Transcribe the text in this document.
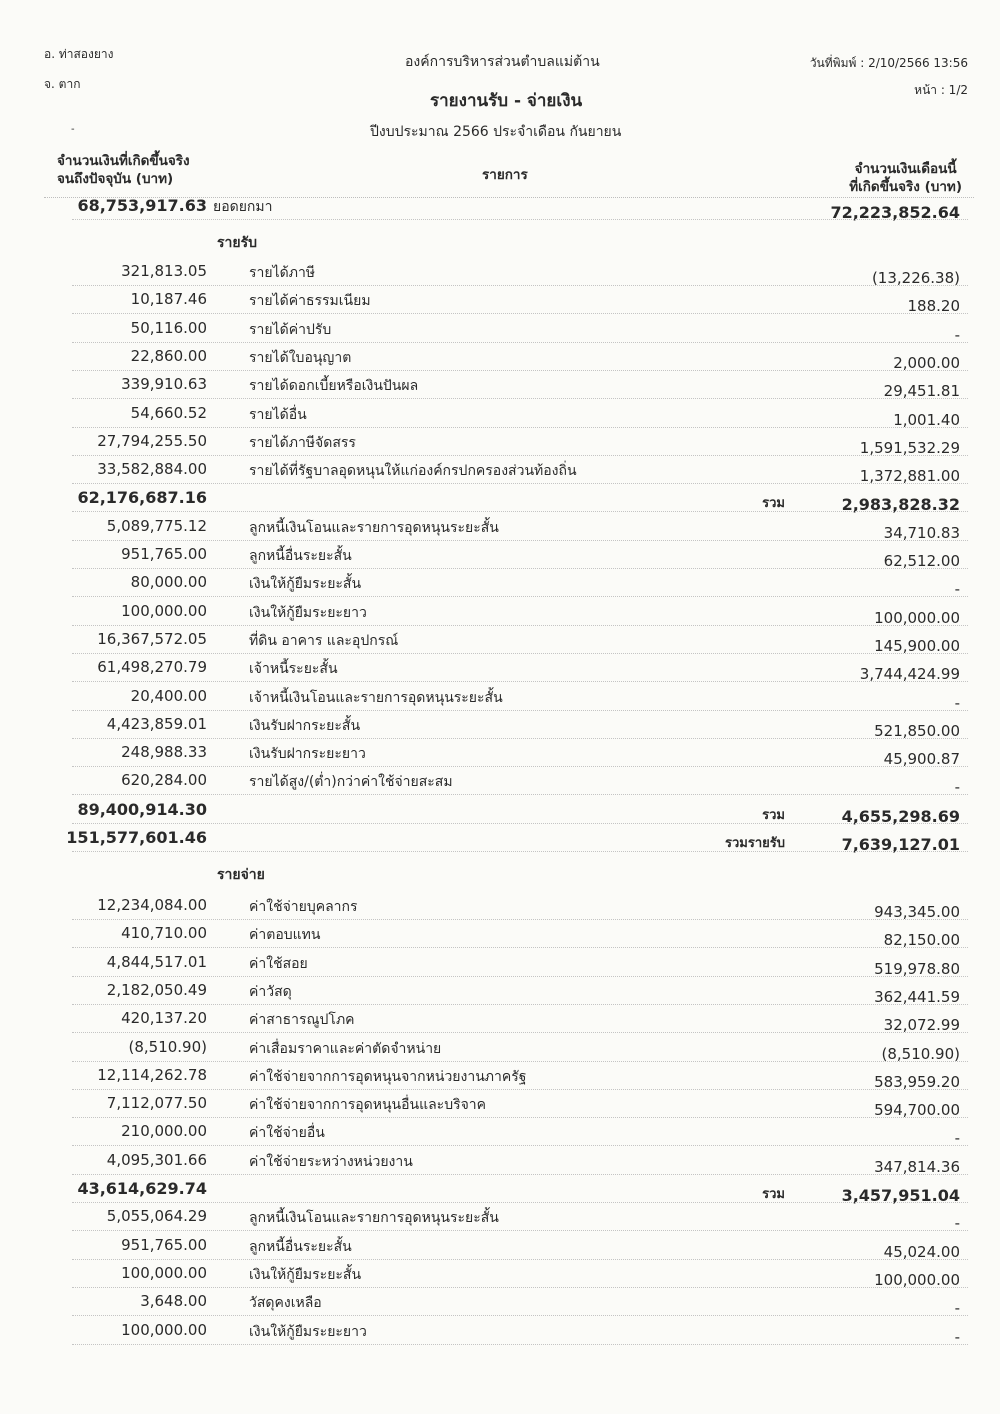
อ. ท่าสองยาง
จ. ตาก
องค์การบริหารส่วนตำบลแม่ต้าน
รายงานรับ - จ่ายเงิน
ปีงบประมาณ 2566 ประจำเดือน กันยายน
วันที่พิมพ์ : 2/10/2566 13:56
หน้า : 1/2
-
จำนวนเงินที่เกิดขึ้นจริง
จนถึงปัจจุบัน (บาท)	รายการ	จำนวนเงินเดือนนี้
ที่เกิดขึ้นจริง (บาท)
68,753,917.63 ยอดยกมา	72,223,852.64
รายรับ
321,813.05	รายได้ภาษี	(13,226.38)
10,187.46	รายได้ค่าธรรมเนียม	188.20
50,116.00	รายได้ค่าปรับ	-
22,860.00	รายได้ใบอนุญาต	2,000.00
339,910.63	รายได้ดอกเบี้ยหรือเงินปันผล	29,451.81
54,660.52	รายได้อื่น	1,001.40
27,794,255.50	รายได้ภาษีจัดสรร	1,591,532.29
33,582,884.00	รายได้ที่รัฐบาลอุดหนุนให้แก่องค์กรปกครองส่วนท้องถิ่น	1,372,881.00
62,176,687.16	รวม	2,983,828.32
5,089,775.12	ลูกหนี้เงินโอนและรายการอุดหนุนระยะสั้น	34,710.83
951,765.00	ลูกหนี้อื่นระยะสั้น	62,512.00
80,000.00	เงินให้กู้ยืมระยะสั้น	-
100,000.00	เงินให้กู้ยืมระยะยาว	100,000.00
16,367,572.05	ที่ดิน อาคาร และอุปกรณ์	145,900.00
61,498,270.79	เจ้าหนี้ระยะสั้น	3,744,424.99
20,400.00	เจ้าหนี้เงินโอนและรายการอุดหนุนระยะสั้น	-
4,423,859.01	เงินรับฝากระยะสั้น	521,850.00
248,988.33	เงินรับฝากระยะยาว	45,900.87
620,284.00	รายได้สูง/(ต่ำ)กว่าค่าใช้จ่ายสะสม	-
89,400,914.30	รวม	4,655,298.69
151,577,601.46	รวมรายรับ	7,639,127.01
รายจ่าย
12,234,084.00	ค่าใช้จ่ายบุคลากร	943,345.00
410,710.00	ค่าตอบแทน	82,150.00
4,844,517.01	ค่าใช้สอย	519,978.80
2,182,050.49	ค่าวัสดุ	362,441.59
420,137.20	ค่าสาธารณูปโภค	32,072.99
(8,510.90)	ค่าเสื่อมราคาและค่าตัดจำหน่าย	(8,510.90)
12,114,262.78	ค่าใช้จ่ายจากการอุดหนุนจากหน่วยงานภาครัฐ	583,959.20
7,112,077.50	ค่าใช้จ่ายจากการอุดหนุนอื่นและบริจาค	594,700.00
210,000.00	ค่าใช้จ่ายอื่น	-
4,095,301.66	ค่าใช้จ่ายระหว่างหน่วยงาน	347,814.36
43,614,629.74	รวม	3,457,951.04
5,055,064.29	ลูกหนี้เงินโอนและรายการอุดหนุนระยะสั้น	-
951,765.00	ลูกหนี้อื่นระยะสั้น	45,024.00
100,000.00	เงินให้กู้ยืมระยะสั้น	100,000.00
3,648.00	วัสดุคงเหลือ	-
100,000.00	เงินให้กู้ยืมระยะยาว	-
